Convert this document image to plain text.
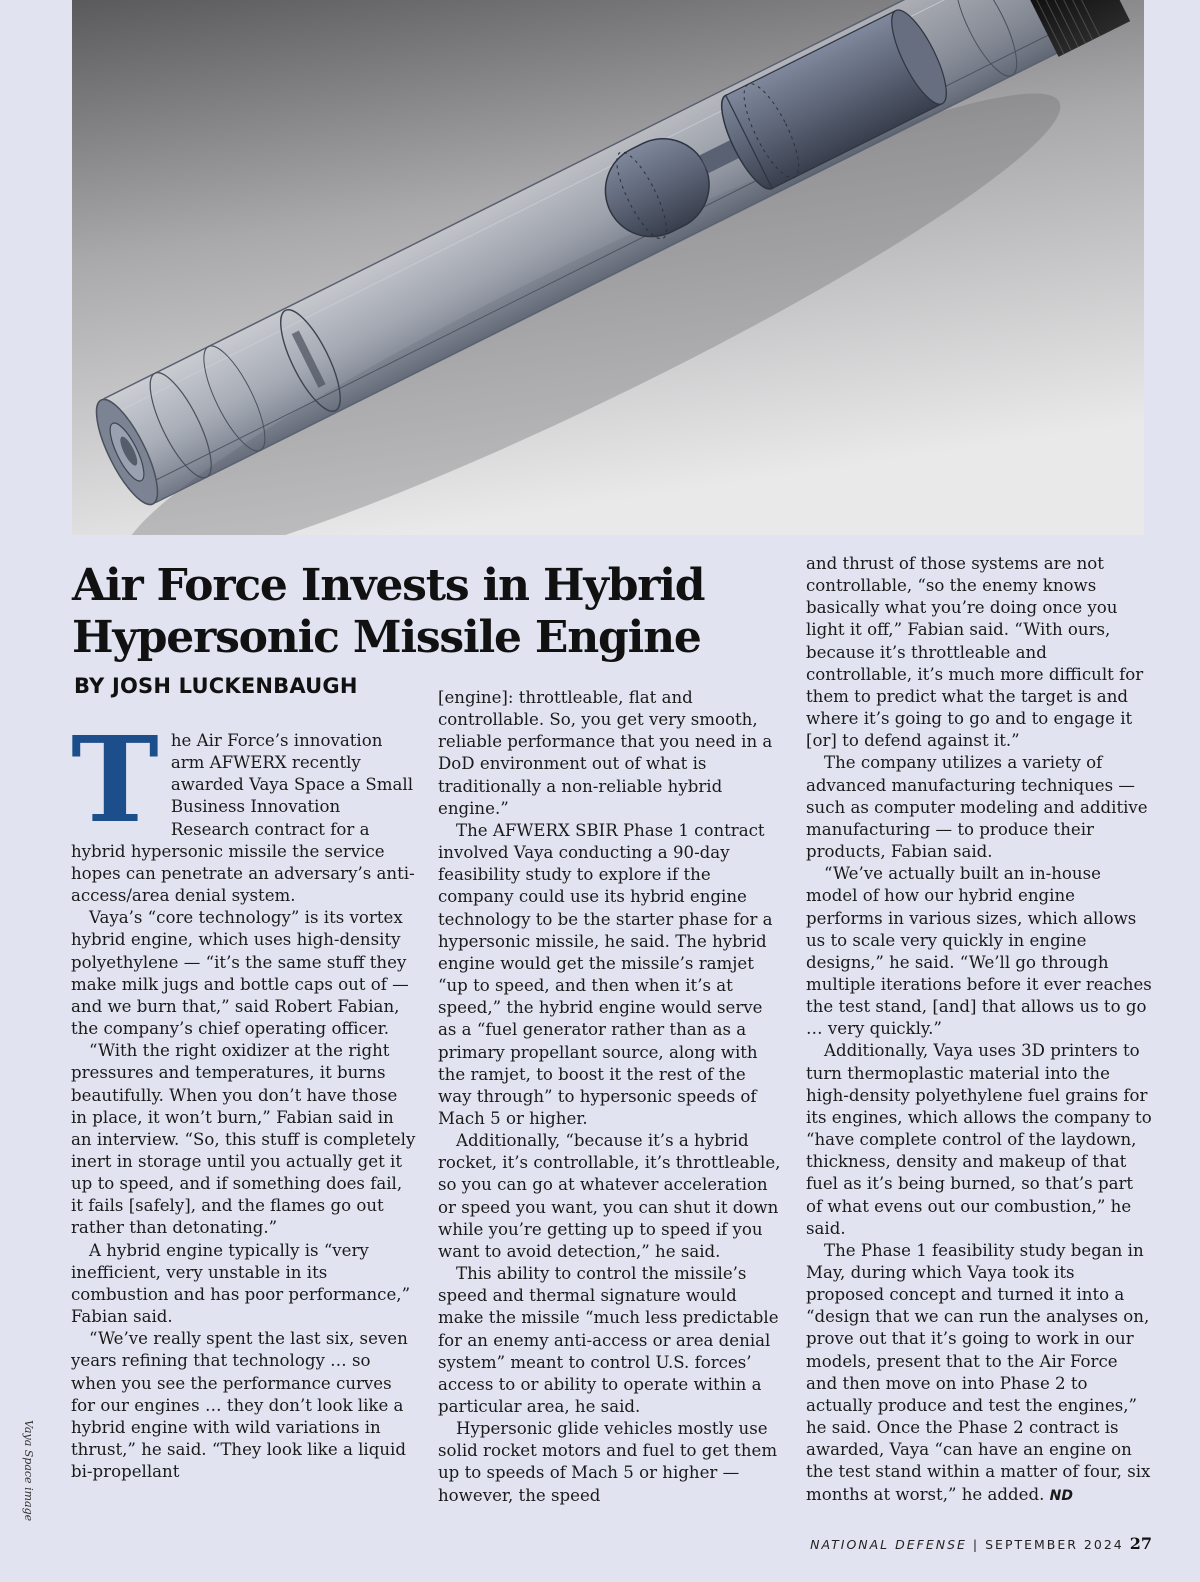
Air Force Invests in Hybrid Hypersonic Missile Engine
BY JOSH LUCKENBAUGH

The Air Force’s innovation arm AFWERX recently awarded Vaya Space a Small Business Innovation Research contract for a hybrid hypersonic missile the service hopes can penetrate an adversary’s anti-access/area denial system.

Vaya’s “core technology” is its vortex hybrid engine, which uses high-density polyethylene — “it’s the same stuff they make milk jugs and bottle caps out of — and we burn that,” said Robert Fabian, the company’s chief operating officer.

“With the right oxidizer at the right pressures and temperatures, it burns beautifully. When you don’t have those in place, it won’t burn,” Fabian said in an interview. “So, this stuff is completely inert in storage until you actually get it up to speed, and if something does fail, it fails [safely], and the flames go out rather than detonating.”

A hybrid engine typically is “very inefficient, very unstable in its combustion and has poor performance,” Fabian said.

“We’ve really spent the last six, seven years refining that technology … so when you see the performance curves for our engines … they don’t look like a hybrid engine with wild variations in thrust,” he said. “They look like a liquid bi-propellant

[engine]: throttleable, flat and controllable. So, you get very smooth, reliable performance that you need in a DoD environment out of what is traditionally a non-reliable hybrid engine.”

The AFWERX SBIR Phase 1 contract involved Vaya conducting a 90-day feasibility study to explore if the company could use its hybrid engine technology to be the starter phase for a hypersonic missile, he said. The hybrid engine would get the missile’s ramjet “up to speed, and then when it’s at speed,” the hybrid engine would serve as a “fuel generator rather than as a primary propellant source, along with the ramjet, to boost it the rest of the way through” to hypersonic speeds of Mach 5 or higher.

Additionally, “because it’s a hybrid rocket, it’s controllable, it’s throttleable, so you can go at whatever acceleration or speed you want, you can shut it down while you’re getting up to speed if you want to avoid detection,” he said.

This ability to control the missile’s speed and thermal signature would make the missile “much less predictable for an enemy anti-access or area denial system” meant to control U.S. forces’ access to or ability to operate within a particular area, he said.

Hypersonic glide vehicles mostly use solid rocket motors and fuel to get them up to speeds of Mach 5 or higher — however, the speed

and thrust of those systems are not controllable, “so the enemy knows basically what you’re doing once you light it off,” Fabian said. “With ours, because it’s throttleable and controllable, it’s much more difficult for them to predict what the target is and where it’s going to go and to engage it [or] to defend against it.”

The company utilizes a variety of advanced manufacturing techniques — such as computer modeling and additive manufacturing — to produce their products, Fabian said.

“We’ve actually built an in-house model of how our hybrid engine performs in various sizes, which allows us to scale very quickly in engine designs,” he said. “We’ll go through multiple iterations before it ever reaches the test stand, [and] that allows us to go … very quickly.”

Additionally, Vaya uses 3D printers to turn thermoplastic material into the high-density polyethylene fuel grains for its engines, which allows the company to “have complete control of the laydown, thickness, density and makeup of that fuel as it’s being burned, so that’s part of what evens out our combustion,” he said.

The Phase 1 feasibility study began in May, during which Vaya took its proposed concept and turned it into a “design that we can run the analyses on, prove out that it’s going to work in our models, present that to the Air Force and then move on into Phase 2 to actually produce and test the engines,” he said. Once the Phase 2 contract is awarded, Vaya “can have an engine on the test stand within a matter of four, six months at worst,” he added. ND

Vaya Space image
NATIONAL DEFENSE | SEPTEMBER 2024 27
